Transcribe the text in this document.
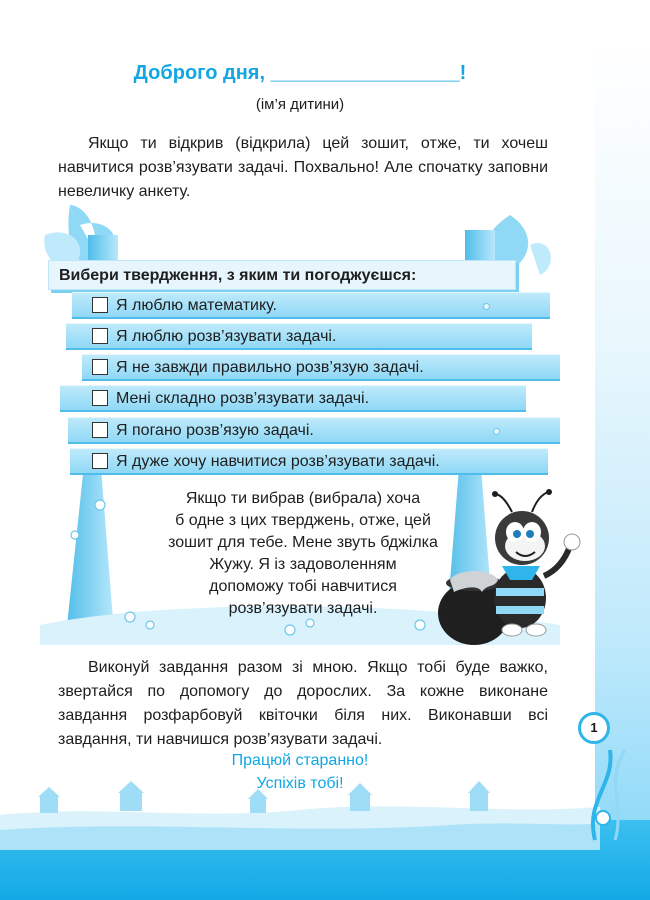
Доброго дня, _________________!
(ім’я дитини)

Якщо ти відкрив (відкрила) цей зошит, отже, ти хочеш навчитися розв’язувати задачі. Похвально! Але спочатку заповни невеличку анкету.

Вибери твердження, з яким ти погоджуєшся:
Я люблю математику.
Я люблю розв’язувати задачі.
Я не завжди правильно розв’язую задачі.
Мені складно розв’язувати задачі.
Я погано розв’язую задачі.
Я дуже хочу навчитися розв’язувати задачі.
Якщо ти вибрав (вибрала) хоча
б одне з цих тверджень, отже, цей
зошит для тебе. Мене звуть бджілка
Жужу. Я із задоволенням
допоможу тобі навчитися
розв’язувати задачі.

Виконуй завдання разом зі мною. Якщо тобі буде важко, звертайся по допомогу до дорослих. За кожне виконане завдання розфарбовуй квіточки біля них. Виконавши всі завдання, ти навчишся розв’язувати задачі.

Працюй старанно!
Успіхів тобі!
1
